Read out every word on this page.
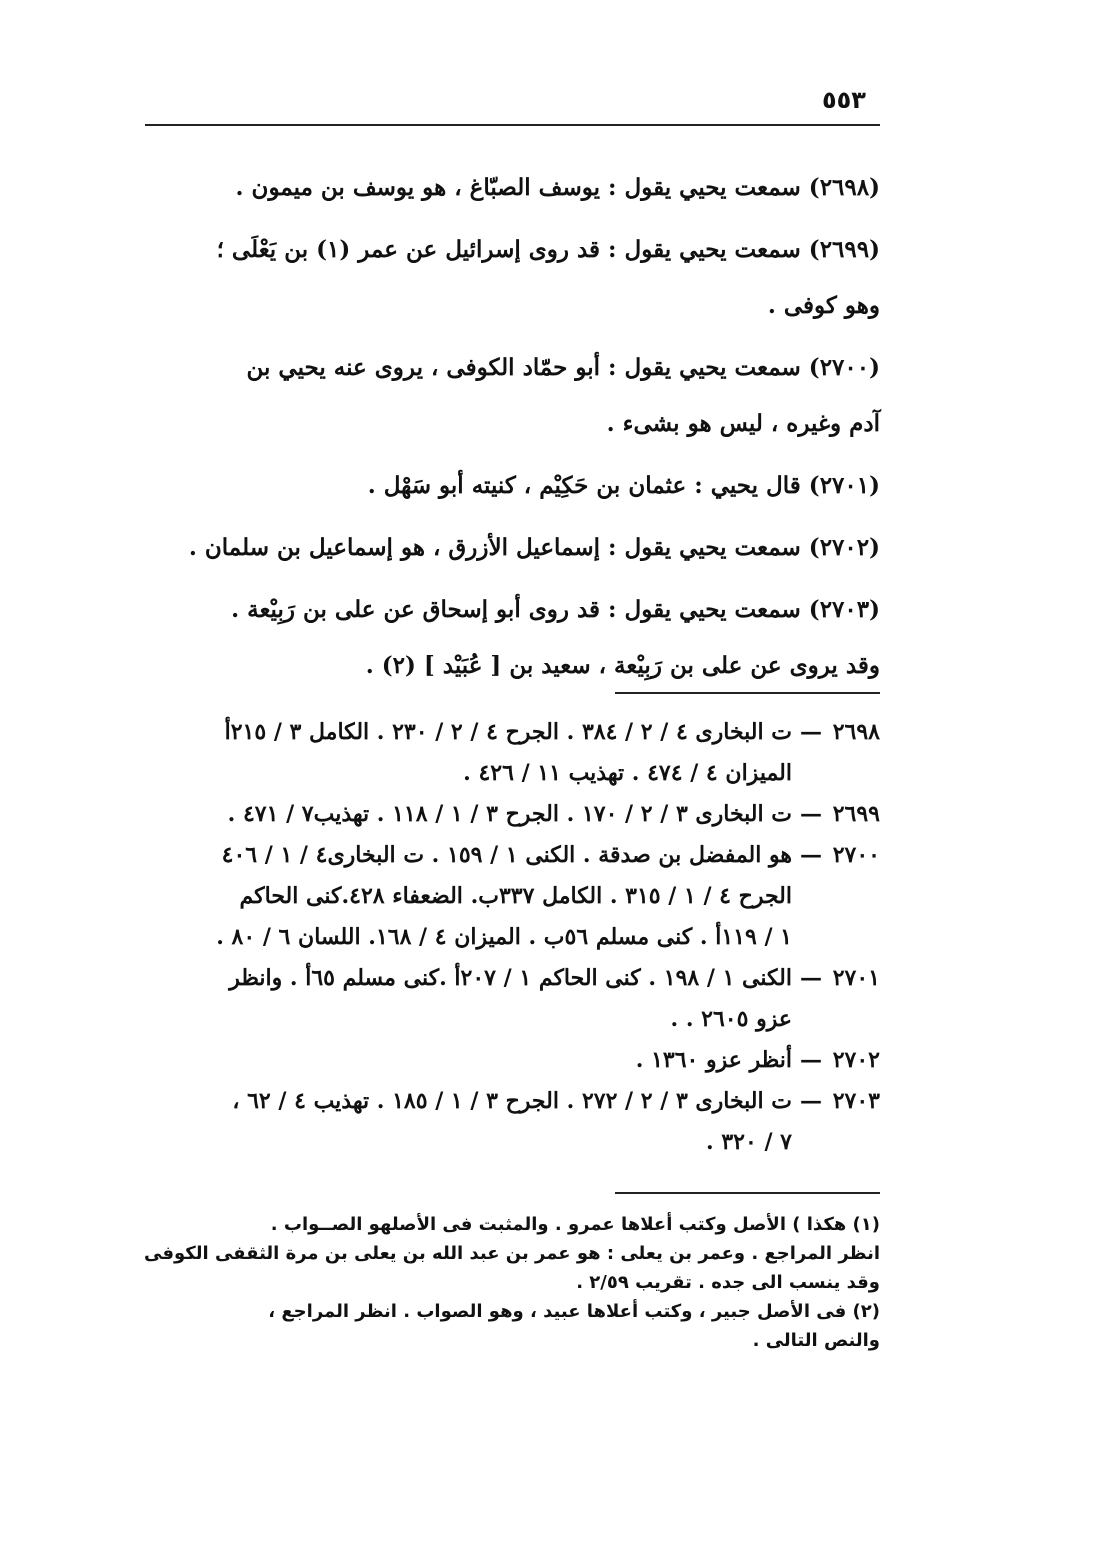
٥٥٣

(٢٦٩٨) سمعت يحيي يقول : يوسف الصبّاغ ، هو يوسف بن ميمون .

(٢٦٩٩) سمعت يحيي يقول : قد روى إسرائيل عن عمر (١) بن يَعْلَى ؛

وهو كوفى .

(٢٧٠٠) سمعت يحيي يقول : أبو حمّاد الكوفى ، يروى عنه يحيي بن

آدم وغيره ، ليس هو بشىء .

(٢٧٠١) قال يحيي : عثمان بن حَكِيْم ، كنيته أبو سَهْل .

(٢٧٠٢) سمعت يحيي يقول : إسماعيل الأزرق ، هو إسماعيل بن سلمان .

(٢٧٠٣) سمعت يحيي يقول : قد روى أبو إسحاق عن على بن رَبِيْعة .

وقد يروى عن على بن رَبِيْعة ، سعيد بن [ عُبَيْد ] (٢) .

٢٦٩٨
—
ت البخارى ٤ / ٢ / ٣٨٤ . الجرح ٤ / ٢ / ٢٣٠ . الكامل ٣ / ٢١٥أ
الميزان ٤ / ٤٧٤ . تهذيب ١١ / ٤٢٦ .
٢٦٩٩
—
ت البخارى ٣ / ٢ / ١٧٠ . الجرح ٣ / ١ / ١١٨ . تهذيب٧ / ٤٧١ .
٢٧٠٠
—
هو المفضل بن صدقة . الكنى ١ / ١٥٩ . ت البخارى٤ / ١ / ٤٠٦
الجرح ٤ / ١ / ٣١٥ . الكامل ٣٣٧ب. الضعفاء ٤٢٨.كنى الحاكم
١ / ١١٩أ . كنى مسلم ٥٦ب . الميزان ٤ / ١٦٨. اللسان ٦ / ٨٠ .
٢٧٠١
—
الكنى ١ / ١٩٨ . كنى الحاكم ١ / ٢٠٧أ .كنى مسلم ٦٥أ . وانظر
عزو ٢٦٠٥ . .
٢٧٠٢
—
أنظر عزو ١٣٦٠ .
٢٧٠٣
—
ت البخارى ٣ / ٢ / ٢٧٢ . الجرح ٣ / ١ / ١٨٥ . تهذيب ٤ / ٦٢ ،
٧ / ٣٢٠ .

(١) هكذا ) الأصل وكتب أعلاها عمرو . والمثبت فى الأصلهو الصــواب .
انظر المراجع . وعمر بن يعلى : هو عمر بن عبد الله بن يعلى بن مرة الثقفى الكوفى
وقد ينسب الى جده . تقريب ٢/٥٩ .

(٢) فى الأصل جبير ، وكتب أعلاها عبيد ، وهو الصواب . انظر المراجع ،
والنص التالى .
